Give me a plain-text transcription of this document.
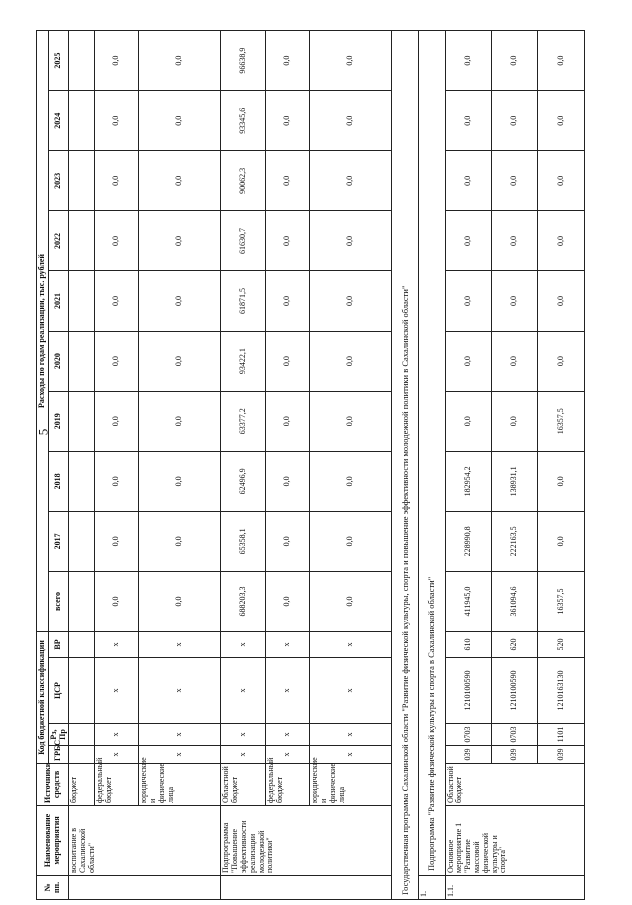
5
№ пп.	Наименование мероприятия	Источники средств	Код бюджетной классификации				Расходы по годам реализации, тыс. рублей									
			ГРБС	Рз, Пр	ЦСР	ВР	всего	2017	2018	2019	2020	2021	2022	2023	2024	2025

	воспитание в Сахалинской области"	бюджет														
		федеральный бюджет	x	x	x	x	0,0	0,0	0,0	0,0	0,0	0,0	0,0	0,0	0,0	0,0
		юридические и физические лица	x	x	x	x	0,0	0,0	0,0	0,0	0,0	0,0	0,0	0,0	0,0	0,0
	Подпрограмма "Повышение эффективности реализации молодежной политики"	Областной бюджет	x	x	x	x	688203,3	65358,1	62496,9	63377,2	93422,1	61871,5	61630,7	90062,3	93345,6	96638,9
		федеральный бюджет	x	x	x	x	0,0	0,0	0,0	0,0	0,0	0,0	0,0	0,0	0,0	0,0
		юридические и физические лица	x	x	x	x	0,0	0,0	0,0	0,0	0,0	0,0	0,0	0,0	0,0	0,0
Государственная программа Сахалинской области "Развитие физической культуры, спорта и повышение эффективности молодежной политики в Сахалинской области"																
1.	Подпрограмма "Развитие физической культуры и спорта в Сахалинской области"															
1.1.	Основное мероприятие 1 "Развитие массовой физической культуры и спорта"	Областной бюджет	039	0703	1210100590	610	411945,0	228990,8	182954,2	0,0	0,0	0,0	0,0	0,0	0,0	0,0
			039	0703	1210100590	620	361094,6	222163,5	138931,1	0,0	0,0	0,0	0,0	0,0	0,0	0,0
			039	1101	1210163130	520	16357,5	0,0	0,0	16357,5	0,0	0,0	0,0	0,0	0,0	0,0
